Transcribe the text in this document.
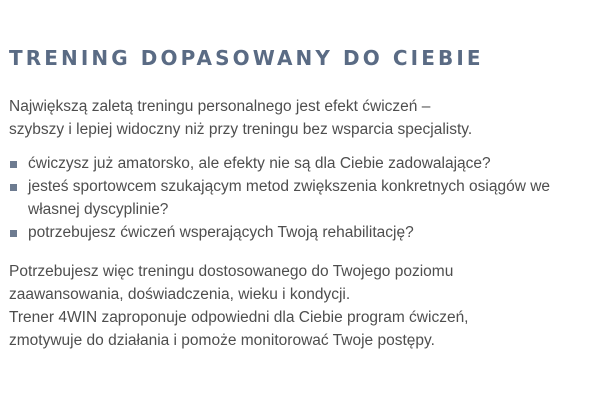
TRENING DOPASOWANY DO CIEBIE

Największą zaletą treningu personalnego jest efekt ćwiczeń –
szybszy i lepiej widoczny niż przy treningu bez wsparcia specjalisty.

ćwiczysz już amatorsko, ale efekty nie są dla Ciebie zadowalające?
jesteś sportowcem szukającym metod zwiększenia konkretnych osiągów we własnej dyscyplinie?
potrzebujesz ćwiczeń wsperających Twoją rehabilitację?

Potrzebujesz więc treningu dostosowanego do Twojego poziomu
zaawansowania, doświadczenia, wieku i kondycji.
Trener 4WIN zaproponuje odpowiedni dla Ciebie program ćwiczeń,
zmotywuje do działania i pomoże monitorować Twoje postępy.
